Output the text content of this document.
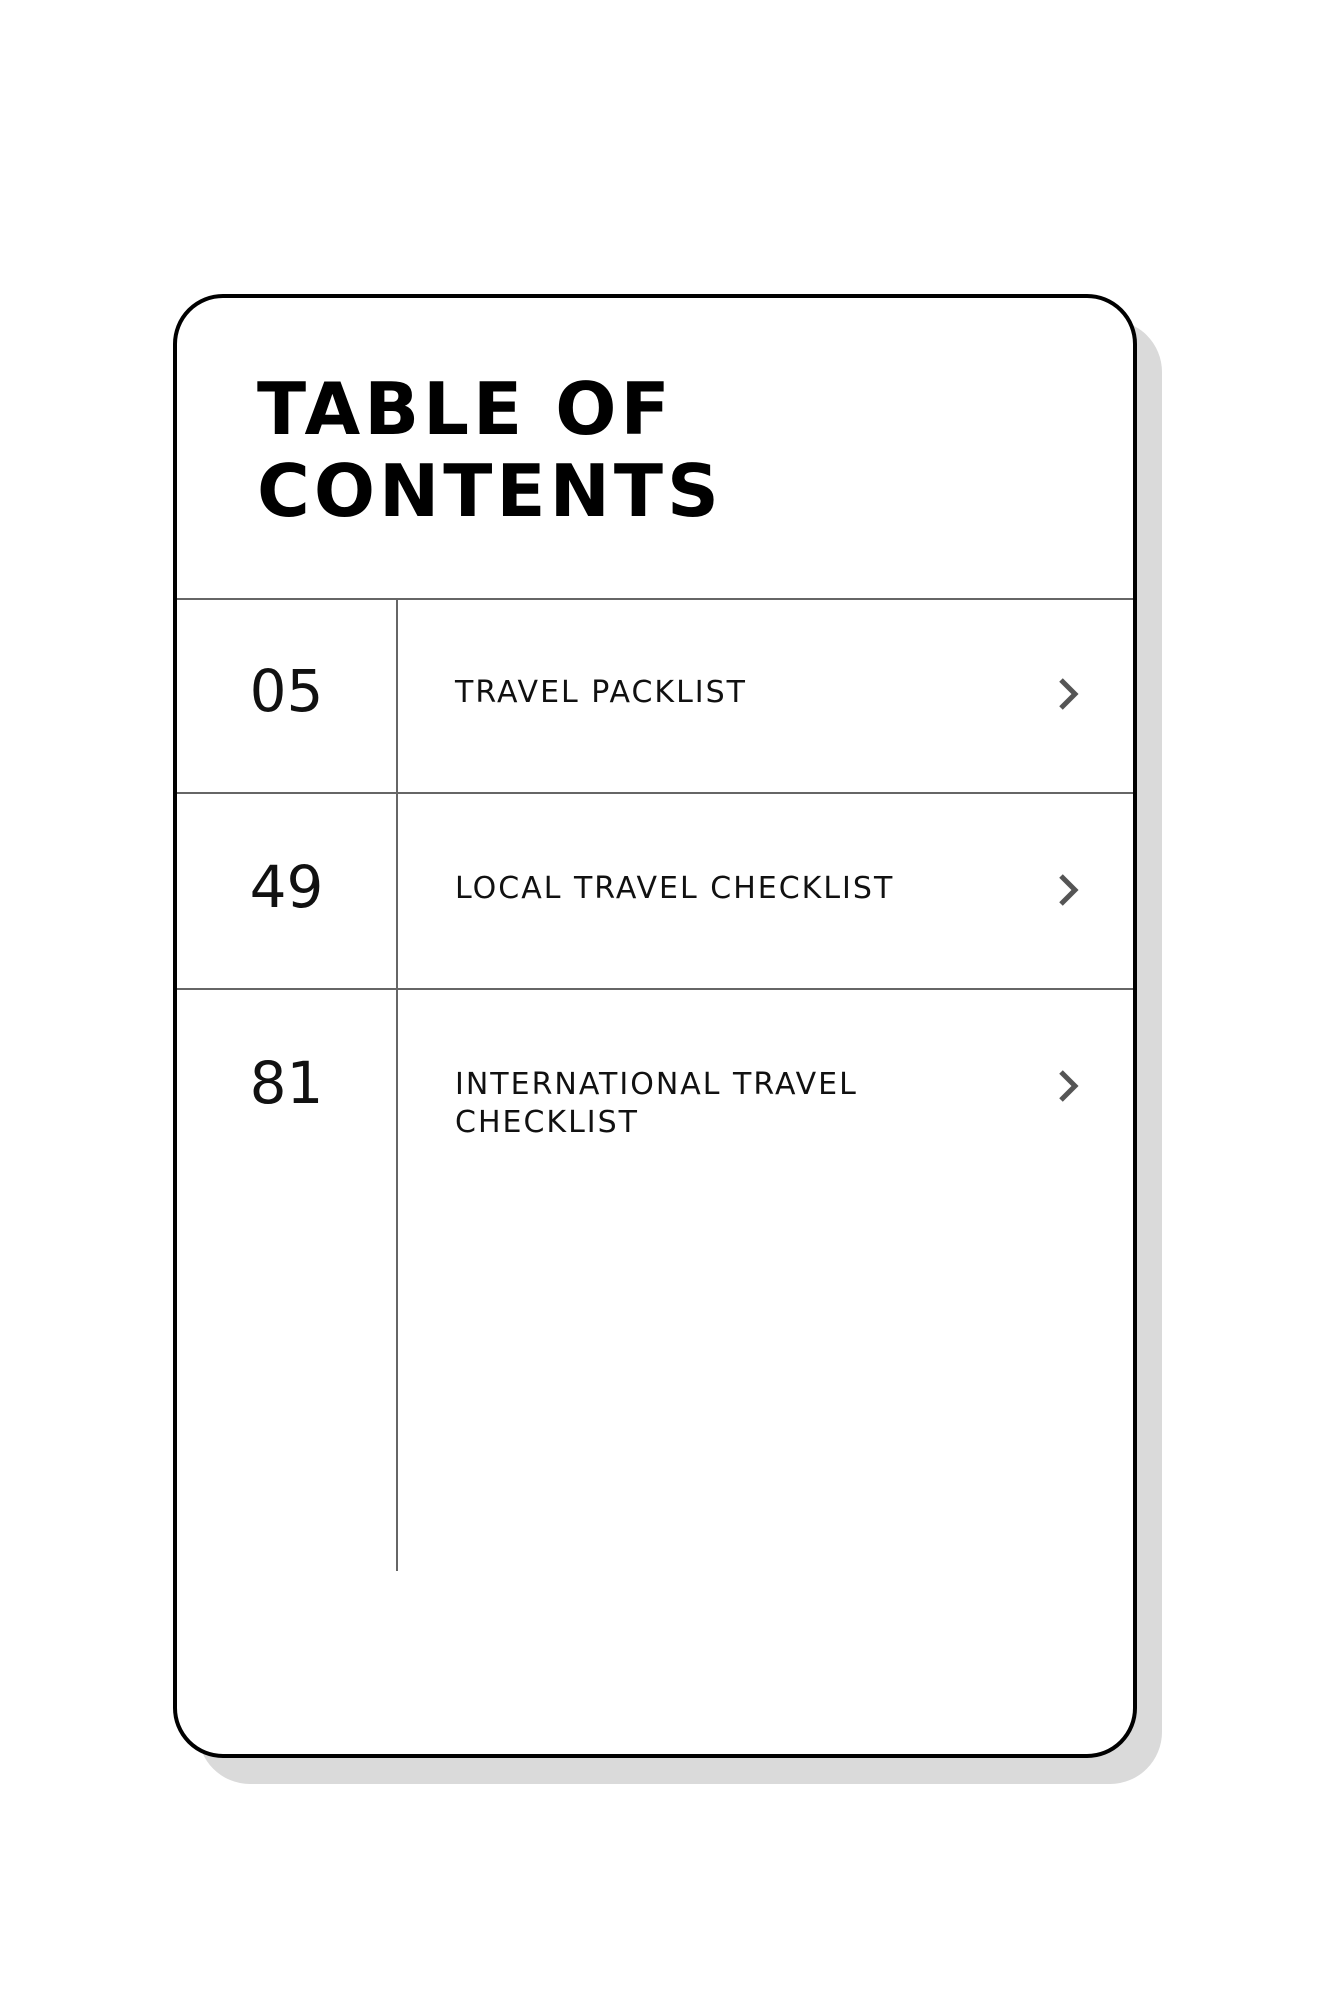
TABLE OF
CONTENTS
05	TRAVEL PACKLIST
49	LOCAL TRAVEL CHECKLIST
81	INTERNATIONAL TRAVEL CHECKLIST
